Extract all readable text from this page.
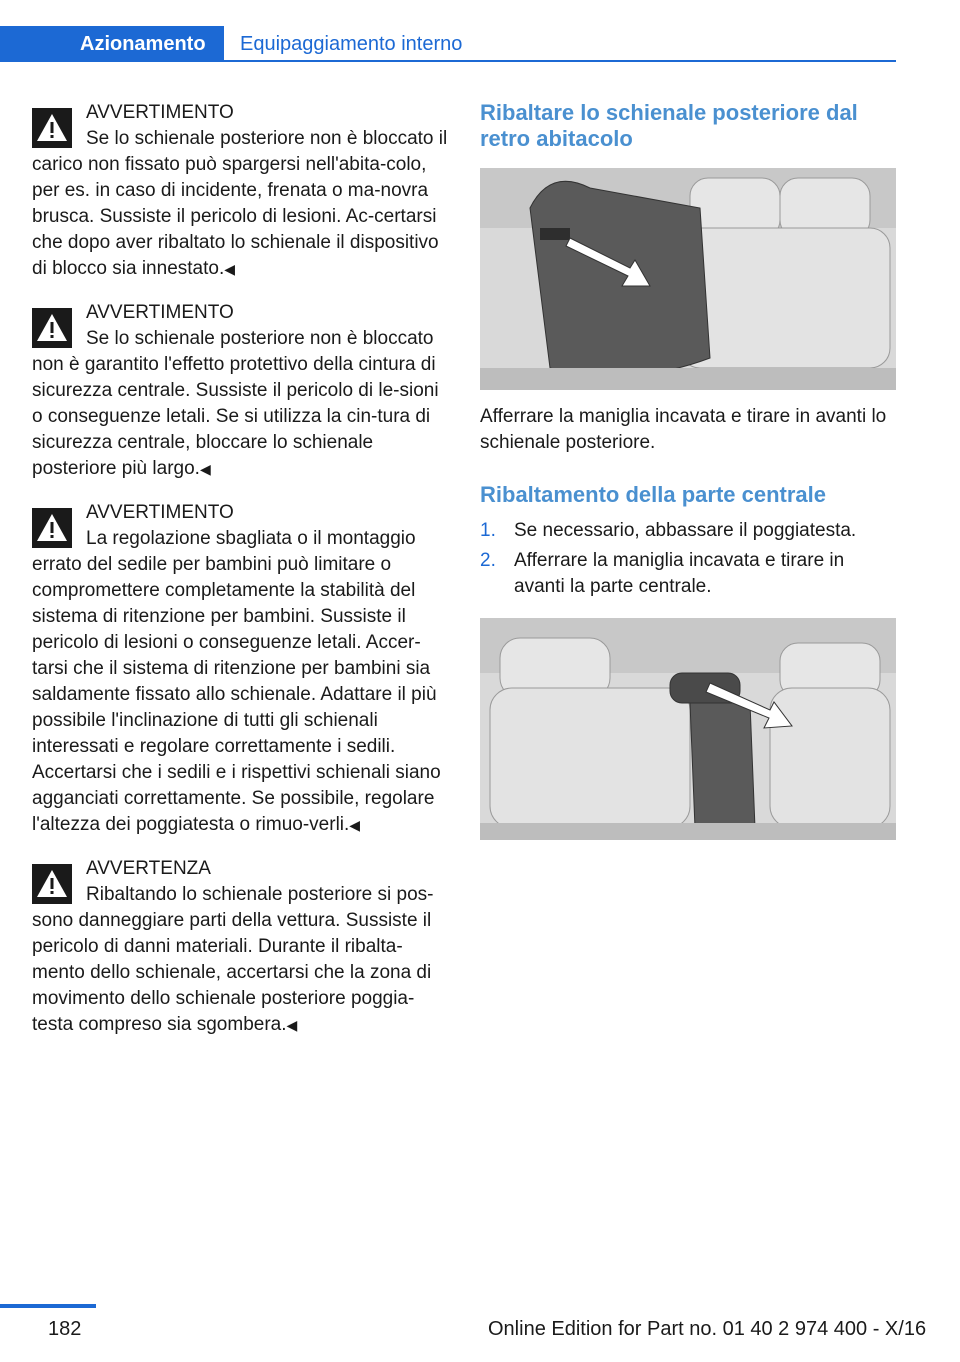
Azionamento	Equipaggiamento interno
AVVERTIMENTO
Se lo schienale posteriore non è bloccato il carico non fissato può spargersi nell'abita-colo, per es. in caso di incidente, frenata o ma-novra brusca. Sussiste il pericolo di lesioni. Ac-certarsi che dopo aver ribaltato lo schienale il dispositivo di blocco sia innestato.◀
AVVERTIMENTO
Se lo schienale posteriore non è bloccato non è garantito l'effetto protettivo della cintura di sicurezza centrale. Sussiste il pericolo di le-sioni o conseguenze letali. Se si utilizza la cin-tura di sicurezza centrale, bloccare lo schienale posteriore più largo.◀
AVVERTIMENTO
La regolazione sbagliata o il montaggio errato del sedile per bambini può limitare o compromettere completamente la stabilità del sistema di ritenzione per bambini. Sussiste il pericolo di lesioni o conseguenze letali. Accer-tarsi che il sistema di ritenzione per bambini sia saldamente fissato allo schienale. Adattare il più possibile l'inclinazione di tutti gli schienali interessati e regolare correttamente i sedili. Accertarsi che i sedili e i rispettivi schienali siano agganciati correttamente. Se possibile, regolare l'altezza dei poggiatesta o rimuo-verli.◀
AVVERTENZA
Ribaltando lo schienale posteriore si pos-sono danneggiare parti della vettura. Sussiste il pericolo di danni materiali. Durante il ribalta-mento dello schienale, accertarsi che la zona di movimento dello schienale posteriore poggia-testa compreso sia sgombera.◀
Ribaltare lo schienale posteriore dal retro abitacolo
Afferrare la maniglia incavata e tirare in avanti lo schienale posteriore.
Ribaltamento della parte centrale
1. Se necessario, abbassare il poggiatesta.
2. Afferrare la maniglia incavata e tirare in avanti la parte centrale.
182	Online Edition for Part no. 01 40 2 974 400 - X/16
